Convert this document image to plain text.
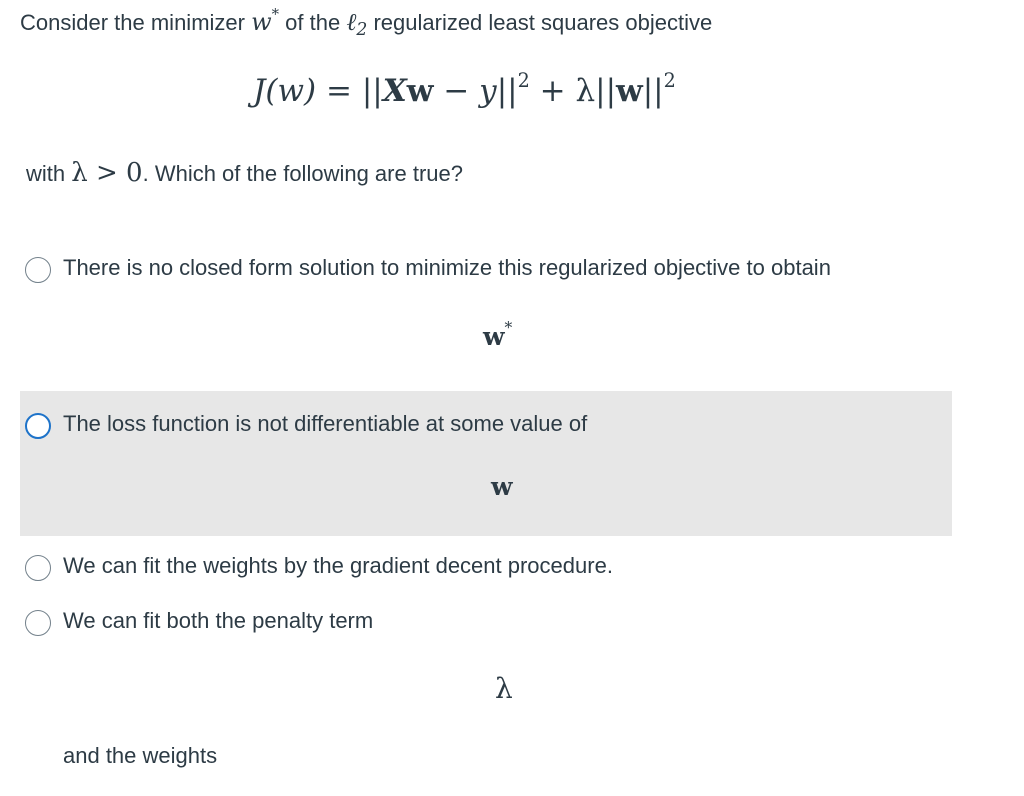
Consider the minimizer w* of the ℓ$_2$ regularized least squares objective
$J(w) = ||Xw - y||^2 + \lambda||w||^2$
with λ > 0. Which of the following are true?
There is no closed form solution to minimize this regularized objective to obtain
w*
The loss function is not differentiable at some value of
w
We can fit the weights by the gradient decent procedure.
We can fit both the penalty term
λ
and the weights
